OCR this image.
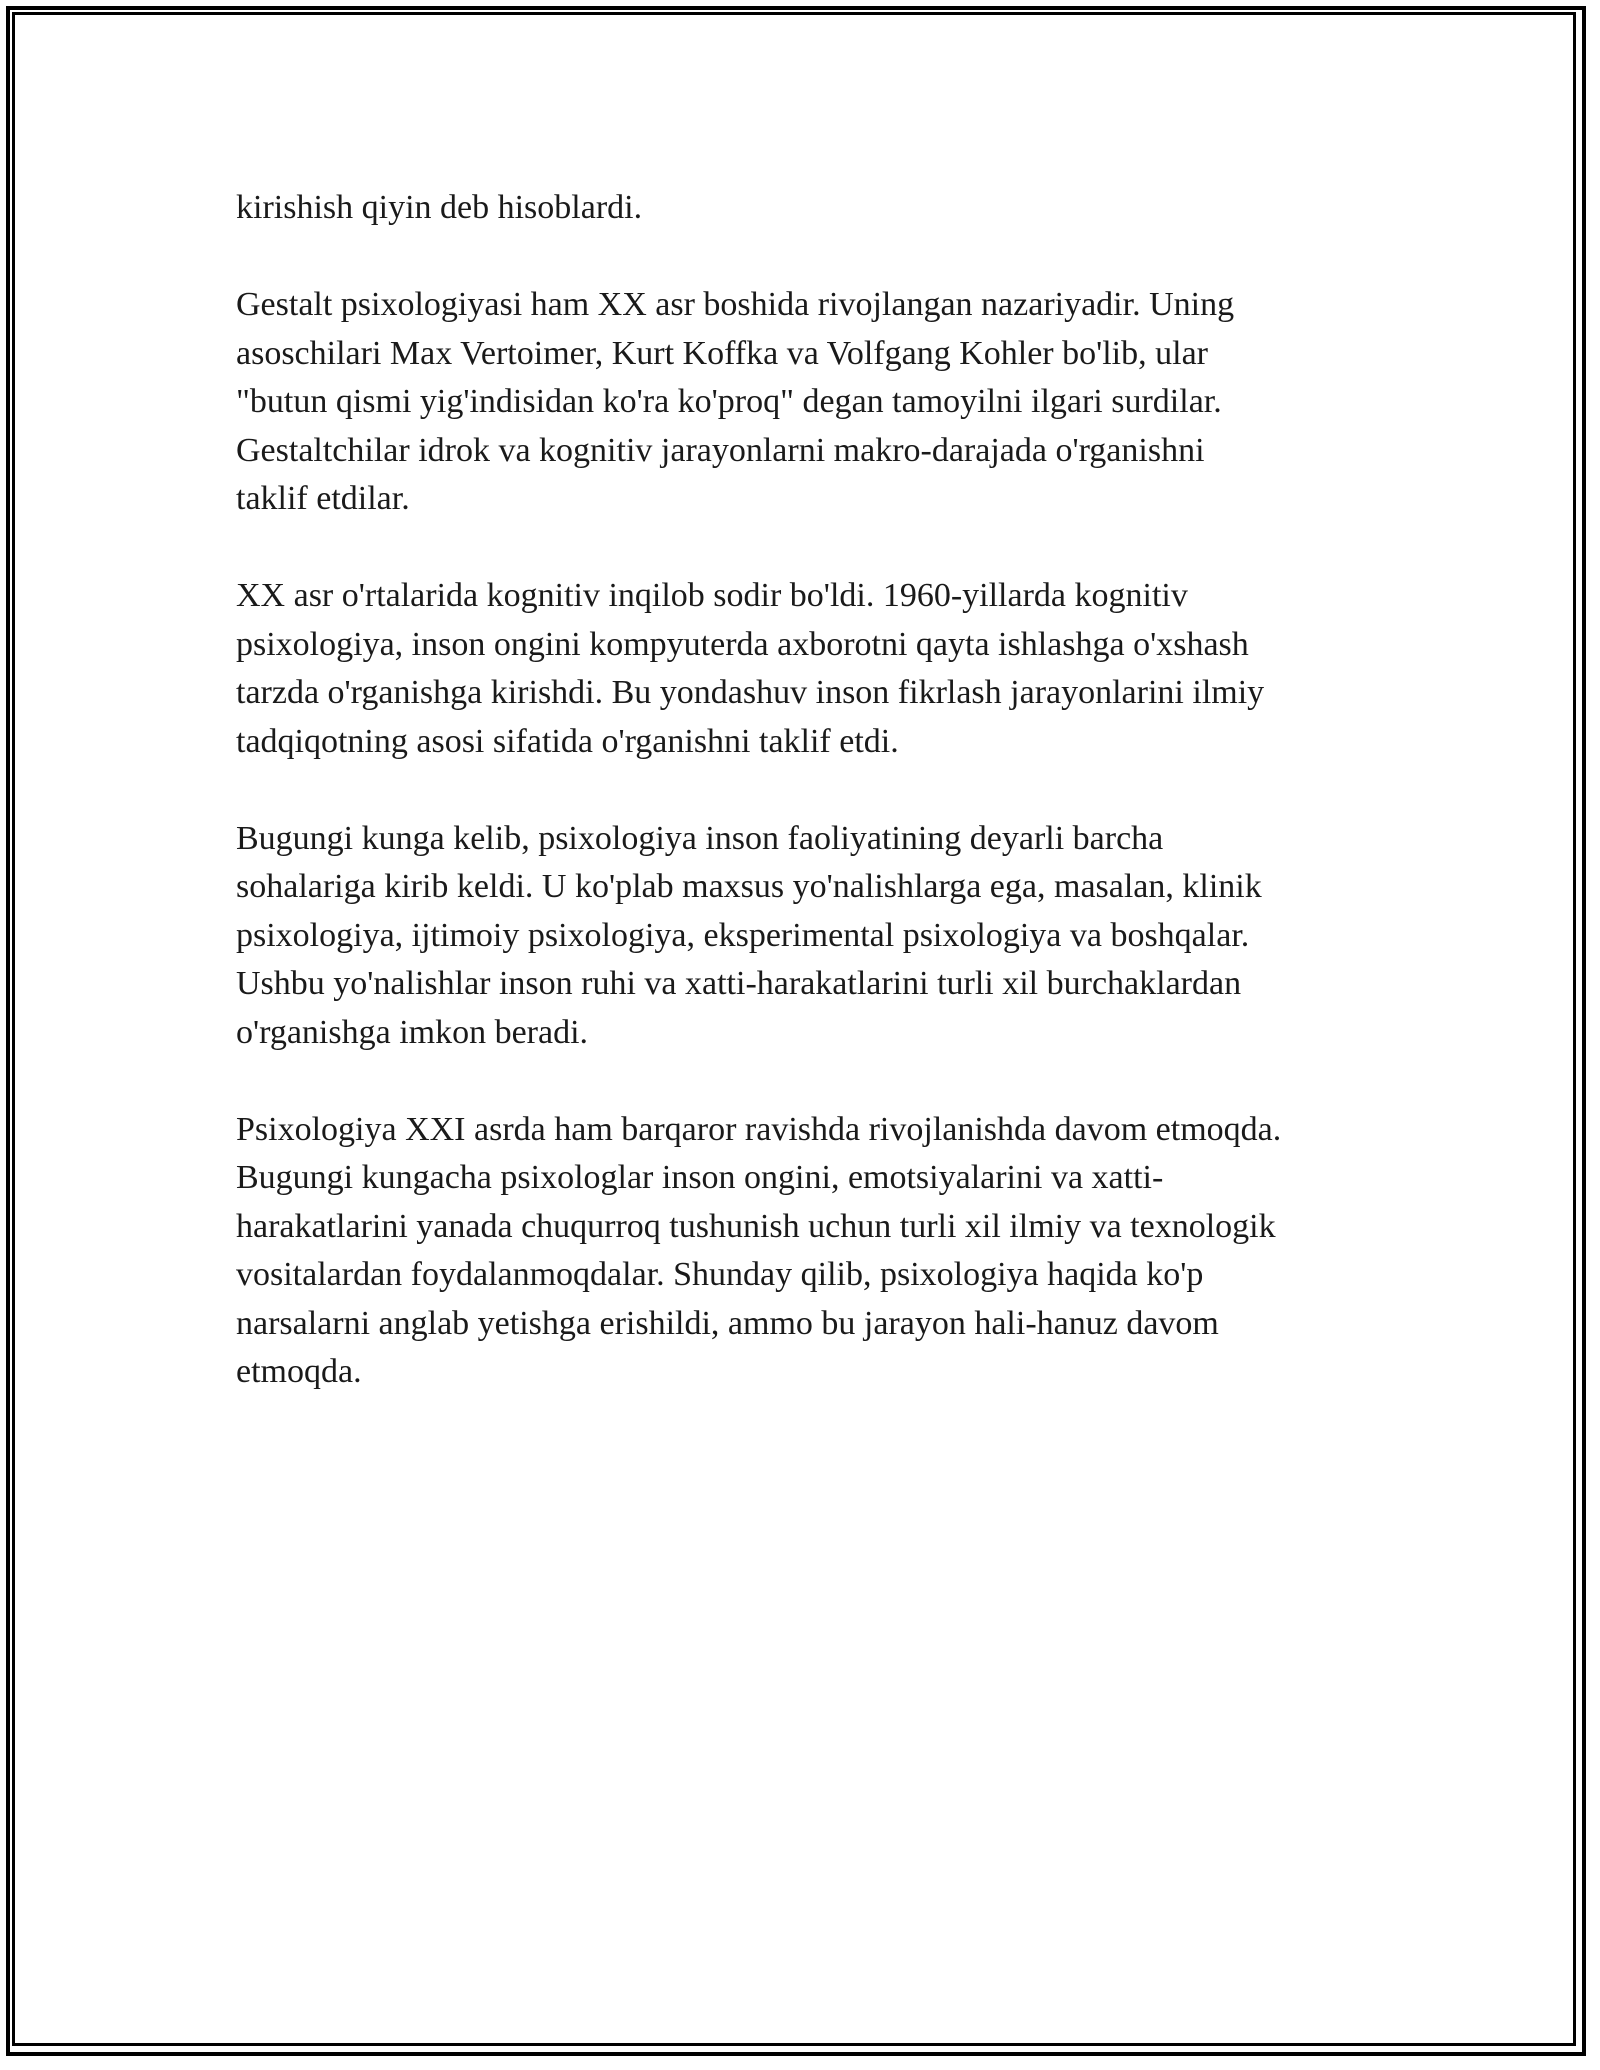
kirishish qiyin deb hisoblardi.

Gestalt psixologiyasi ham XX asr boshida rivojlangan nazariyadir. Uning
asoschilari Max Vertoimer, Kurt Koffka va Volfgang Kohler bo'lib, ular
"butun qismi yig'indisidan ko'ra ko'proq" degan tamoyilni ilgari surdilar.
Gestaltchilar idrok va kognitiv jarayonlarni makro-darajada o'rganishni
taklif etdilar.

XX asr o'rtalarida kognitiv inqilob sodir bo'ldi. 1960-yillarda kognitiv
psixologiya, inson ongini kompyuterda axborotni qayta ishlashga o'xshash
tarzda o'rganishga kirishdi. Bu yondashuv inson fikrlash jarayonlarini ilmiy
tadqiqotning asosi sifatida o'rganishni taklif etdi.

Bugungi kunga kelib, psixologiya inson faoliyatining deyarli barcha
sohalariga kirib keldi. U ko'plab maxsus yo'nalishlarga ega, masalan, klinik
psixologiya, ijtimoiy psixologiya, eksperimental psixologiya va boshqalar.
Ushbu yo'nalishlar inson ruhi va xatti-harakatlarini turli xil burchaklardan
o'rganishga imkon beradi.

Psixologiya XXI asrda ham barqaror ravishda rivojlanishda davom etmoqda.
Bugungi kungacha psixologlar inson ongini, emotsiyalarini va xatti-
harakatlarini yanada chuqurroq tushunish uchun turli xil ilmiy va texnologik
vositalardan foydalanmoqdalar. Shunday qilib, psixologiya haqida ko'p
narsalarni anglab yetishga erishildi, ammo bu jarayon hali-hanuz davom
etmoqda.
